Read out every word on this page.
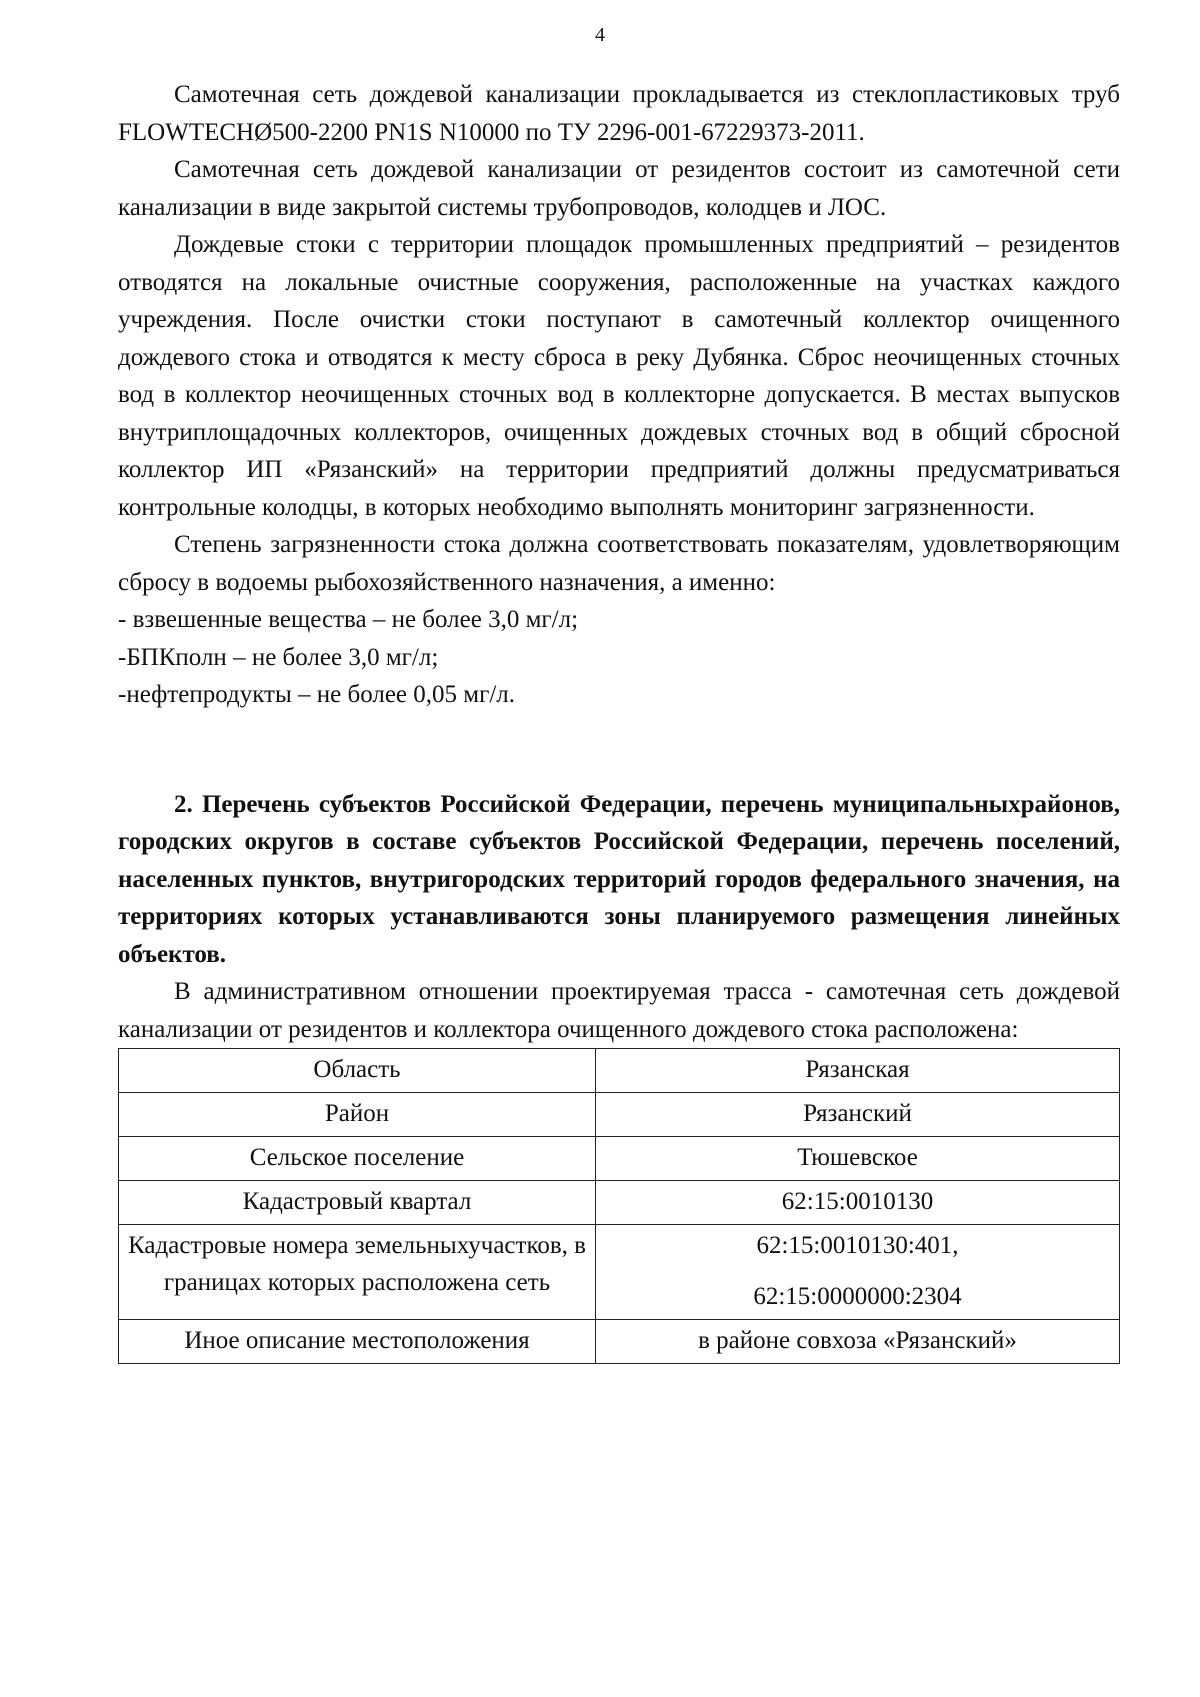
4

Самотечная сеть дождевой канализации прокладывается из стеклопластиковых труб FLOWTECHØ500-2200 PN1S N10000 по ТУ 2296-001-67229373-2011.

Самотечная сеть дождевой канализации от резидентов состоит из самотечной сети канализации в виде закрытой системы трубопроводов, колодцев и ЛОС.

Дождевые стоки с территории площадок промышленных предприятий – резидентов отводятся на локальные очистные сооружения, расположенные на участках каждого учреждения. После очистки стоки поступают в самотечный коллектор очищенного дождевого стока и отводятся к месту сброса в реку Дубянка. Сброс неочищенных сточных вод в коллектор неочищенных сточных вод в коллекторне допускается. В местах выпусков внутриплощадочных коллекторов, очищенных дождевых сточных вод в общий сбросной коллектор ИП «Рязанский» на территории предприятий должны предусматриваться контрольные колодцы, в которых необходимо выполнять мониторинг загрязненности.

Степень загрязненности стока должна соответствовать показателям, удовлетворяющим сбросу в водоемы рыбохозяйственного назначения, а именно:

- взвешенные вещества – не более 3,0 мг/л;

-БПКполн – не более 3,0 мг/л;

-нефтепродукты – не более 0,05 мг/л.

2. Перечень субъектов Российской Федерации, перечень муниципальныхрайонов, городских округов в составе субъектов Российской Федерации, перечень поселений, населенных пунктов, внутригородских территорий городов федерального значения, на территориях которых устанавливаются зоны планируемого размещения линейных объектов.

В административном отношении проектируемая трасса - самотечная сеть дождевой канализации от резидентов и коллектора очищенного дождевого стока расположена:

Область	Рязанская

Район	Рязанский

Сельское поселение	Тюшевское

Кадастровый квартал	62:15:0010130

Кадастровые номера земельныхучастков, в границах которых расположена сеть	62:15:0010130:401,
62:15:0000000:2304

Иное описание местоположения	в районе совхоза «Рязанский»
